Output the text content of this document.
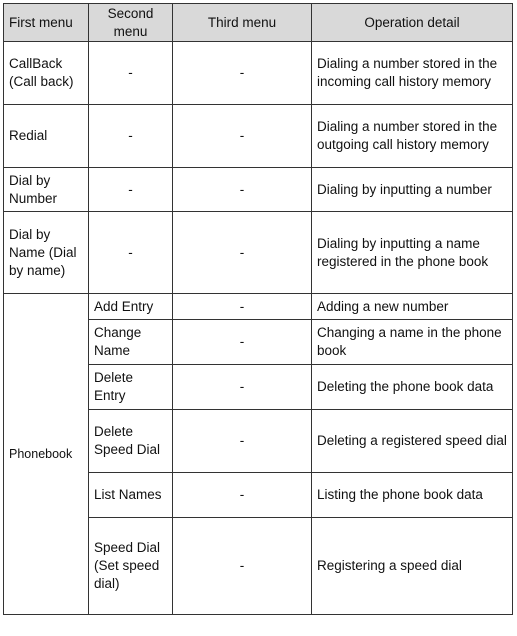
First menu	Second menu	Third menu	Operation detail
CallBack (Call back)	-	-	Dialing a number stored in the incoming call history memory
Redial	-	-	Dialing a number stored in the outgoing call history memory
Dial by Number	-	-	Dialing by inputting a number
Dial by Name (Dial by name)	-	-	Dialing by inputting a name registered in the phone book
Phonebook	Add Entry	-	Adding a new number
	Change Name	-	Changing a name in the phone book
	Delete Entry	-	Deleting the phone book data
	Delete Speed Dial	-	Deleting a registered speed dial
	List Names	-	Listing the phone book data
	Speed Dial (Set speed dial)	-	Registering a speed dial
